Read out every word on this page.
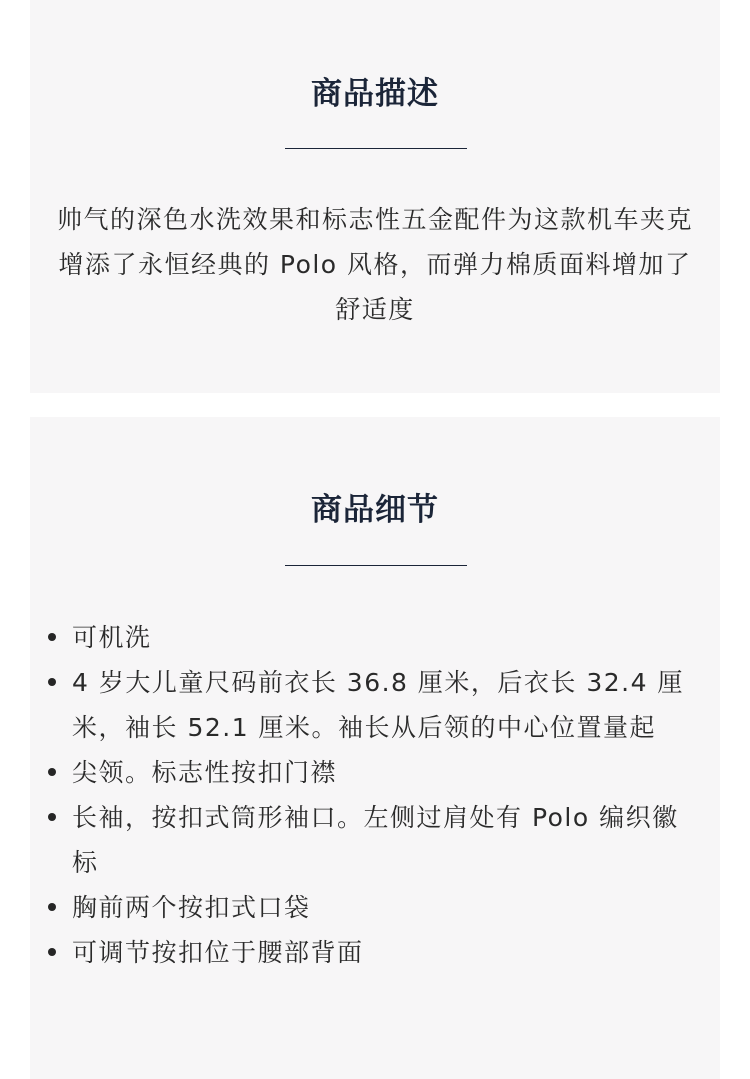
商品描述
帅气的深色水洗效果和标志性五金配件为这款机车夹克增添了永恒经典的 Polo 风格，而弹力棉质面料增加了舒适度
商品细节
可机洗
4 岁大儿童尺码前衣长 36.8 厘米，后衣长 32.4 厘米，袖长 52.1 厘米。袖长从后领的中心位置量起
尖领。标志性按扣门襟
长袖，按扣式筒形袖口。左侧过肩处有 Polo 编织徽标
胸前两个按扣式口袋
可调节按扣位于腰部背面
